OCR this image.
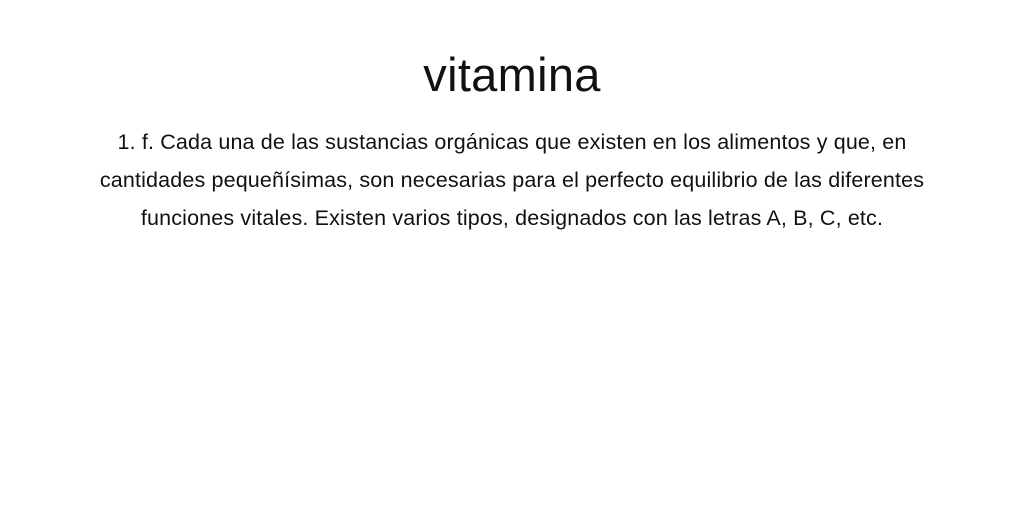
vitamina

1. f. Cada una de las sustancias orgánicas que existen en los alimentos y que, en cantidades pequeñísimas, son necesarias para el perfecto equilibrio de las diferentes funciones vitales. Existen varios tipos, designados con las letras A, B, C, etc.
